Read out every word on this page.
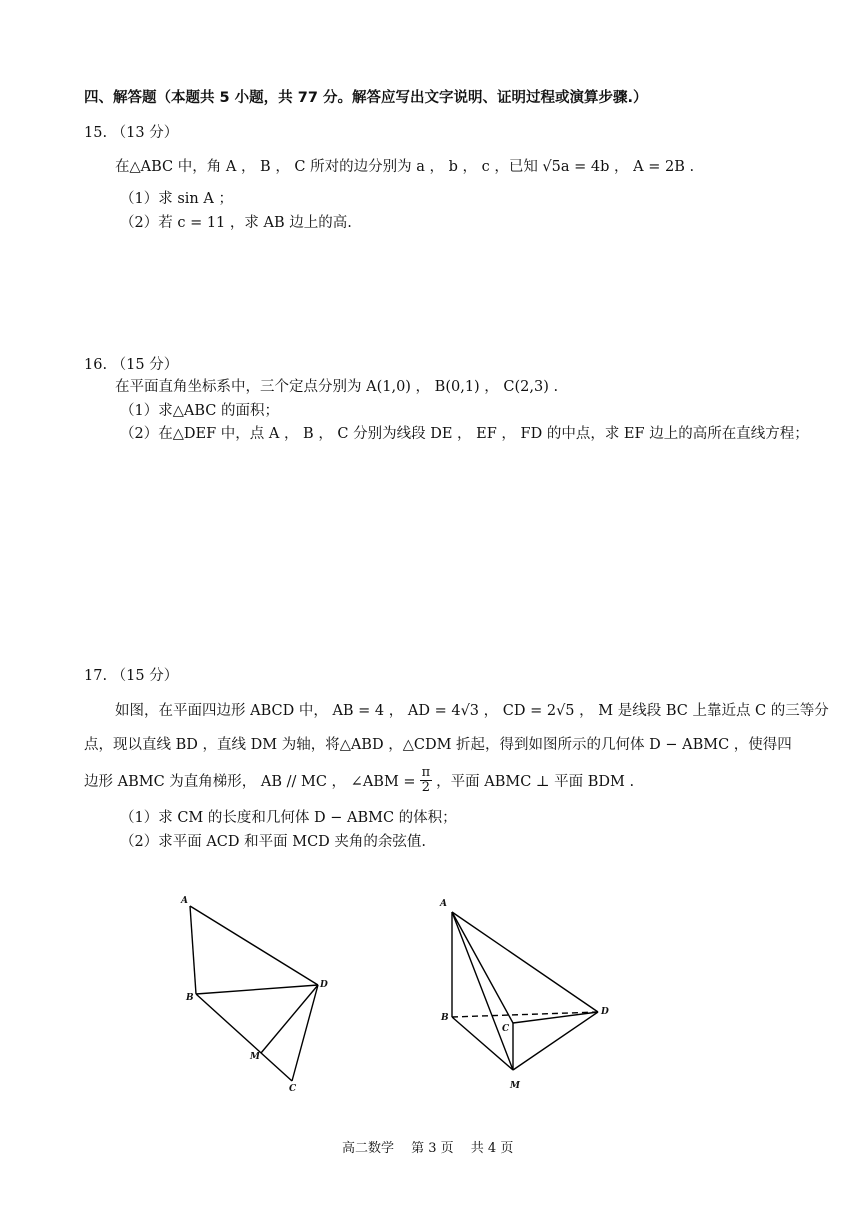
四、解答题（本题共 5 小题，共 77 分。解答应写出文字说明、证明过程或演算步骤.）
15. （13 分）
在△ABC 中，角 A ， B ， C 所对的边分别为 a ， b ， c ，已知 √5a = 4b ， A = 2B .
（1）求 sin A ；
（2）若 c = 11 ，求 AB 边上的高.
16. （15 分）
在平面直角坐标系中，三个定点分别为 A(1,0) ， B(0,1) ， C(2,3) .
（1）求△ABC 的面积；
（2）在△DEF 中，点 A ， B ， C 分别为线段 DE ， EF ， FD 的中点，求 EF 边上的高所在直线方程；
17. （15 分）
如图，在平面四边形 ABCD 中， AB = 4 ， AD = 4√3 ， CD = 2√5 ， M 是线段 BC 上靠近点 C 的三等分
点，现以直线 BD ，直线 DM 为轴，将△ABD ，△CDM 折起，得到如图所示的几何体 D − ABMC ，使得四
边形 ABMC 为直角梯形， AB // MC ， ∠ABM = $\frac{\pi}{2}$ ，平面 ABMC ⊥ 平面 BDM .
（1）求 CM 的长度和几何体 D − ABMC 的体积；
（2）求平面 ACD 和平面 MCD 夹角的余弦值.
A
B
D
M
C
A
B
C
D
M
高二数学　 第 3 页　 共 4 页
